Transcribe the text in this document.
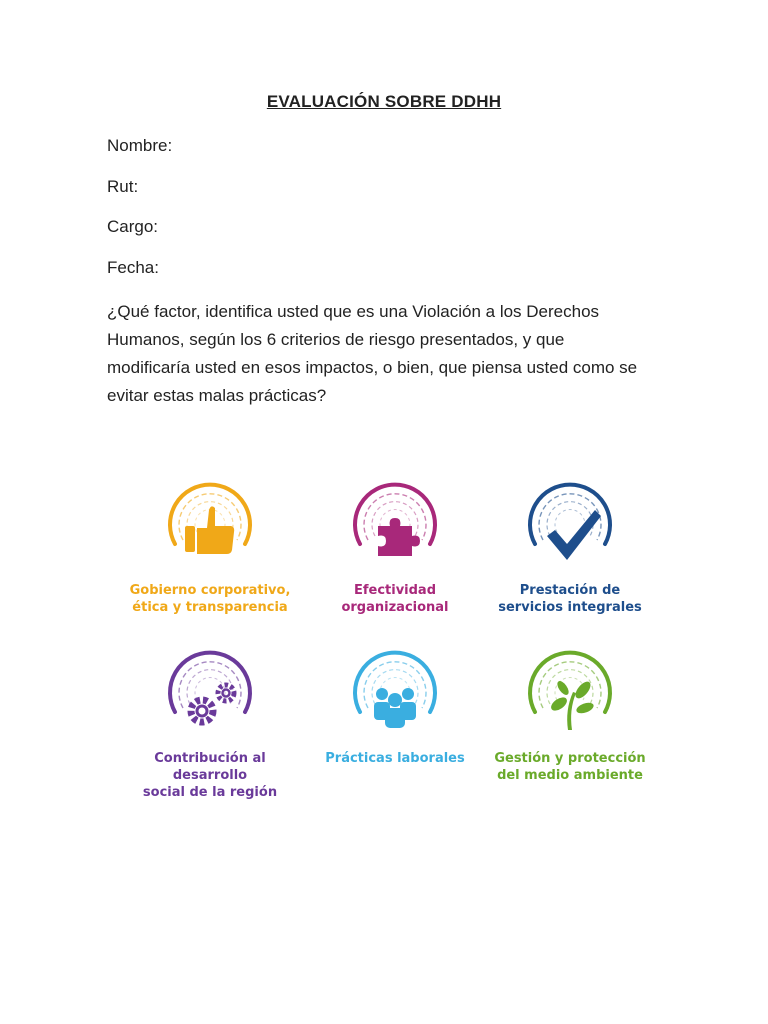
EVALUACIÓN SOBRE DDHH
Nombre:
Rut:
Cargo:
Fecha:

¿Qué factor, identifica usted que es una Violación a los Derechos

Humanos, según los 6 criterios de riesgo presentados, y que

modificaría usted en esos impactos, o bien, que piensa usted como se

evitar estas malas prácticas?

Gobierno corporativo,
ética y transparencia
Efectividad
organizacional
Prestación de
servicios integrales
Contribución al desarrollo
social de la región
Prácticas laborales	Gestión y protección
del medio ambiente
